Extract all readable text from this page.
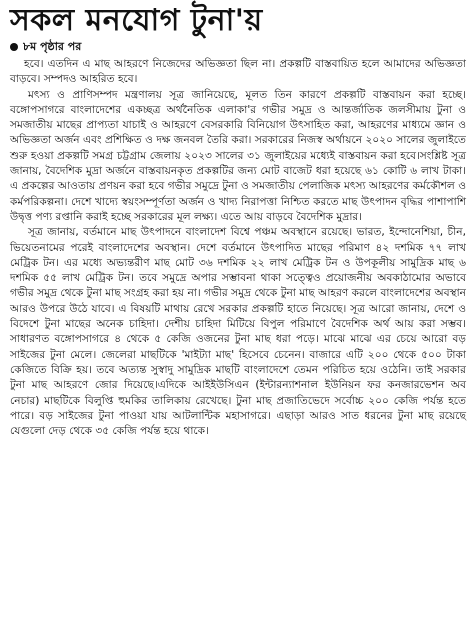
সকল মনযোগ টুনা'য়
৮ম পৃষ্ঠার পর

হবে। এতদিন এ মাছ আহরণে নিজেদের অভিজ্ঞতা ছিল না। প্রকল্পটি বাস্তবায়িত হলে আমাদের অভিজ্ঞতা বাড়বে। সম্পদও আহরিত হবে।

মৎস্য ও প্রাণিসম্পদ মন্ত্রণালয় সূত্র জানিয়েছে, মূলত তিন কারণে প্রকল্পটি বাস্তবায়ন করা হচ্ছে। বঙ্গোপসাগরে বাংলাদেশের একচ্ছত্র অর্থনৈতিক এলাকা'র গভীর সমুদ্র ও আন্তর্জাতিক জলসীমায় টুনা ও সমজাতীয় মাছের প্রাপ্যতা যাচাই ও আহরণে বেসরকারি বিনিয়োগ উৎসাহিত করা, আহরণের মাধ্যমে জ্ঞান ও অভিজ্ঞতা অর্জন এবং প্রশিক্ষিত ও দক্ষ জনবল তৈরি করা। সরকারের নিজস্ব অর্থায়নে ২০২০ সালের জুলাইতে শুরু হওয়া প্রকল্পটি সমগ্র চট্টগ্রাম জেলায় ২০২৩ সালের ৩১ জুলাইয়ের মধ্যেই বাস্তবায়ন করা হবে।সংশ্লিষ্ট সূত্র জানায়, বৈদেশিক মুদ্রা অর্জনে বাস্তবায়নকৃত প্রকল্পটির জন্য মোট বাজেট ধরা হয়েছে ৬১ কোটি ৬ লাখ টাকা। এ প্রকল্পের আওতায় প্রণয়ন করা হবে গভীর সমুদ্রে টুনা ও সমজাতীয় পেলাজিক মৎস্য আহরণের কর্মকৌশল ও কর্মপরিকল্পনা। দেশে খাদ্যে স্বয়ংসম্পূর্ণতা অর্জন ও খাদ্য নিরাপত্তা নিশ্চিত করতে মাছ উৎপাদন বৃদ্ধির পাশাপাশি উদ্বৃত্ত পণ্য রপ্তানি করাই হচ্ছে সরকারের মূল লক্ষ্য। এতে আয় বাড়বে বৈদেশিক মুদ্রার।

সূত্র জানায়, বর্তমানে মাছ উৎপাদনে বাংলাদেশ বিশ্বে পঞ্চম অবস্থানে রয়েছে। ভারত, ইন্দোনেশিয়া, চীন, ভিয়েতনামের পরেই বাংলাদেশের অবস্থান। দেশে বর্তমানে উৎপাদিত মাছের পরিমাণ ৪২ দশমিক ৭৭ লাখ মেট্রিক টন। এর মধ্যে অভ্যন্তরীণ মাছ মোট ৩৬ দশমিক ২২ লাখ মেট্রিক টন ও উপকূলীয় সামুদ্রিক মাছ ৬ দশমিক ৫৫ লাখ মেট্রিক টন। তবে সমুদ্রে অপার সম্ভাবনা থাকা সত্ত্বেও প্রয়োজনীয় অবকাঠামোর অভাবে গভীর সমুদ্র থেকে টুনা মাছ সংগ্রহ করা হয় না। গভীর সমুদ্র থেকে টুনা মাছ আহরণ করলে বাংলাদেশের অবস্থান আরও উপরে উঠে যাবে। এ বিষয়টি মাথায় রেখে সরকার প্রকল্পটি হাতে নিয়েছে। সূত্র আরো জানায়, দেশে ও বিদেশে টুনা মাছের অনেক চাহিদা। দেশীয় চাহিদা মিটিয়ে বিপুল পরিমাণে বৈদেশিক অর্থ আয় করা সম্ভব। সাধারণত বঙ্গোপসাগরে ৪ থেকে ৫ কেজি ওজনের টুনা মাছ ধরা পড়ে। মাঝে মাঝে এর চেয়ে আরো বড় সাইজের টুনা মেলে। জেলেরা মাছটিকে 'মাইট্যা মাছ' হিসেবে চেনেন। বাজারে এটি ২০০ থেকে ৫০০ টাকা কেজিতে বিক্রি হয়। তবে অত্যন্ত সুস্বাদু সামুদ্রিক মাছটি বাংলাদেশে তেমন পরিচিত হয়ে ওঠেনি। তাই সরকার টুনা মাছ আহরণে জোর দিয়েছে।এদিকে আইইউসিএন (ইন্টারন্যাশনাল ইউনিয়ন ফর কনজারভেশন অব নেচার) মাছটিকে বিলুপ্তি হুমকির তালিকায় রেখেছে। টুনা মাছ প্রজাতিভেদে সর্বোচ্চ ২০০ কেজি পর্যন্ত হতে পারে। বড় সাইজের টুনা পাওয়া যায় আটলান্টিক মহাসাগরে। এছাড়া আরও সাত ধরনের টুনা মাছ রয়েছে যেগুলো দেড় থেকে ৩৫ কেজি পর্যন্ত হয়ে থাকে।
